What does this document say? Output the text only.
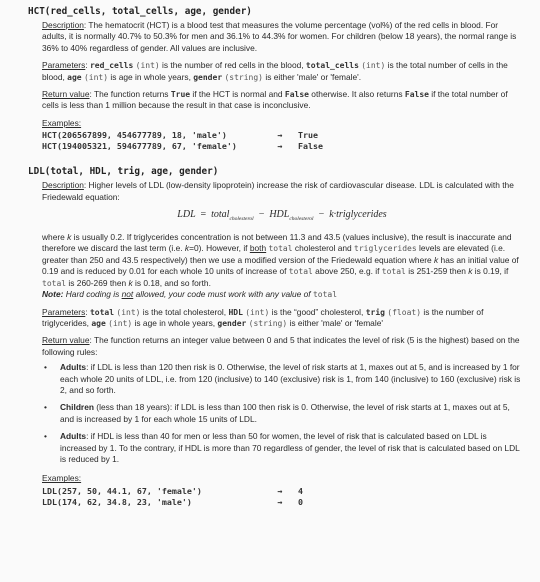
HCT(red_cells, total_cells, age, gender)

Description: The hematocrit (HCT) is a blood test that measures the volume percentage (vol%) of the red cells in blood. For adults, it is normally 40.7% to 50.3% for men and 36.1% to 44.3% for women. For children (below 18 years), the normal range is 36% to 40% regardless of gender. All values are inclusive.

Parameters: red_cells (int) is the number of red cells in the blood, total_cells (int) is the total number of cells in the blood, age (int) is age in whole years, gender (string) is either 'male' or 'female'.

Return value: The function returns True if the HCT is normal and False otherwise. It also returns False if the total number of cells is less than 1 million because the result in that case is inconclusive.

Examples:
HCT(206567899, 454677789, 18, 'male')	→	True
HCT(194005321, 594677789, 67, 'female')	→	False
LDL(total, HDL, trig, age, gender)

Description: Higher levels of LDL (low-density lipoprotein) increase the risk of cardiovascular disease. LDL is calculated with the Friedewald equation:

LDL = total$_{cholesterol}$ − $HDL_{cholesterol}$ − k·triglycerides

where k is usually 0.2. If triglycerides concentration is not between 11.3 and 43.5 (values inclusive), the result is inaccurate and therefore we discard the last term (i.e. k=0). However, if both total cholesterol and triglycerides levels are elevated (i.e. greater than 250 and 43.5 respectively) then we use a modified version of the Friedewald equation where k has an initial value of 0.19 and is reduced by 0.01 for each whole 10 units of increase of total above 250, e.g. if total is 251-259 then k is 0.19, if total is 260-269 then k is 0.18, and so forth.

Note: Hard coding is not allowed, your code must work with any value of total

Parameters: total (int) is the total cholesterol, HDL (int) is the “good” cholesterol, trig (float) is the number of triglycerides, age (int) is age in whole years, gender (string) is either 'male' or 'female'

Return value: The function returns an integer value between 0 and 5 that indicates the level of risk (5 is the highest) based on the following rules:

• Adults: if LDL is less than 120 then risk is 0. Otherwise, the level of risk starts at 1, maxes out at 5, and is increased by 1 for each whole 20 units of LDL, i.e. from 120 (inclusive) to 140 (exclusive) risk is 1, from 140 (inclusive) to 160 (exclusive) risk is 2, and so forth.
• Children (less than 18 years): if LDL is less than 100 then risk is 0. Otherwise, the level of risk starts at 1, maxes out at 5, and is increased by 1 for each whole 15 units of LDL.
• Adults: if HDL is less than 40 for men or less than 50 for women, the level of risk that is calculated based on LDL is increased by 1. To the contrary, if HDL is more than 70 regardless of gender, the level of risk that is calculated based on LDL is reduced by 1.
Examples:
LDL(257, 50, 44.1, 67, 'female')	→	4
LDL(174, 62, 34.8, 23, 'male')	→	0
